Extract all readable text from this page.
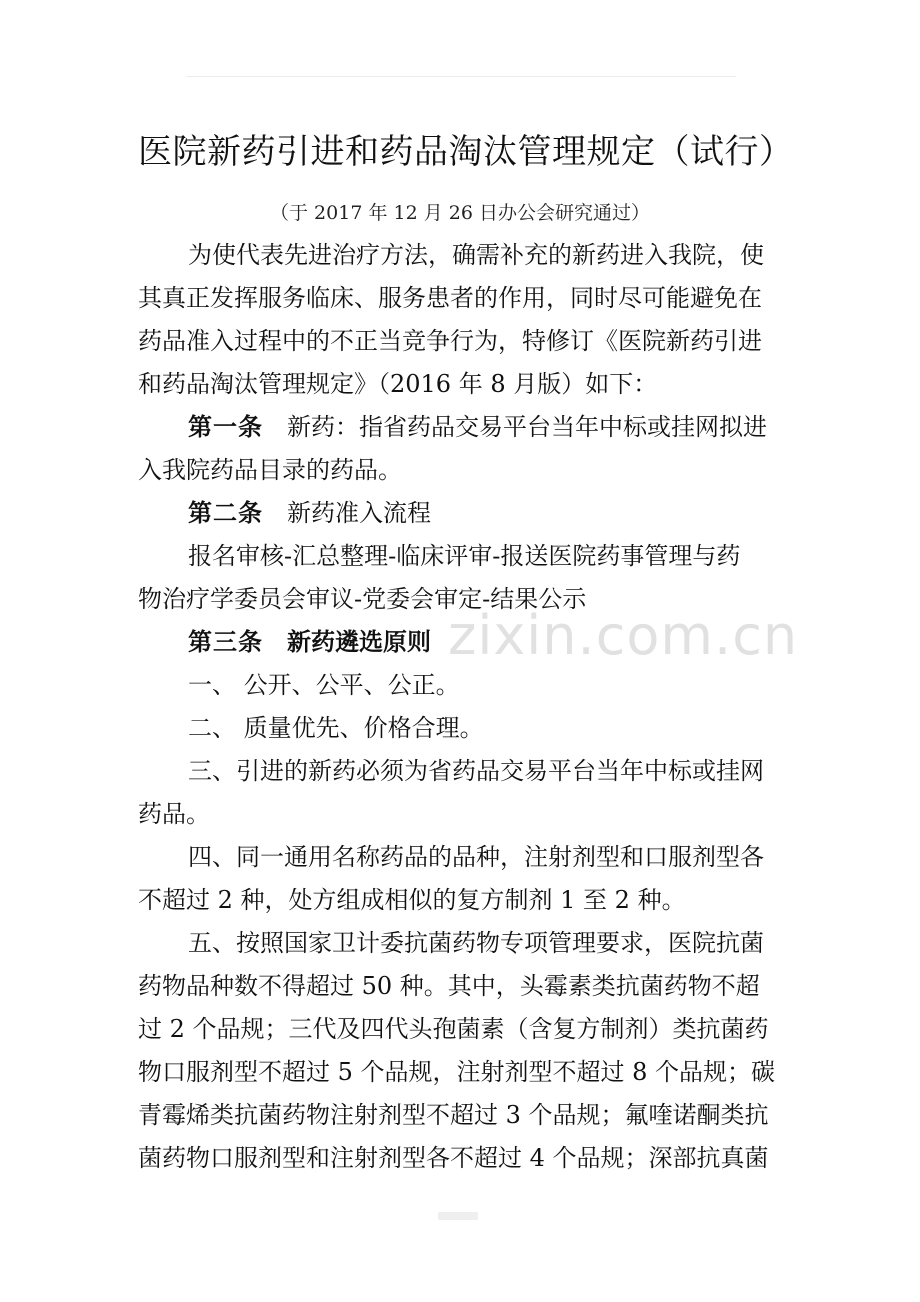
医院新药引进和药品淘汰管理规定（试行）
（于 2017 年 12 月 26 日办公会研究通过）

为使代表先进治疗方法，确需补充的新药进入我院，使

其真正发挥服务临床、服务患者的作用，同时尽可能避免在

药品准入过程中的不正当竞争行为，特修订《医院新药引进

和药品淘汰管理规定》（2016 年 8 月版）如下：

第一条 新药：指省药品交易平台当年中标或挂网拟进

入我院药品目录的药品。

第二条 新药准入流程

报名审核-汇总整理-临床评审-报送医院药事管理与药

物治疗学委员会审议-党委会审定-结果公示

第三条 新药遴选原则

一、 公开、公平、公正。

二、 质量优先、价格合理。

三、引进的新药必须为省药品交易平台当年中标或挂网

药品。

四、同一通用名称药品的品种，注射剂型和口服剂型各

不超过 2 种，处方组成相似的复方制剂 1 至 2 种。

五、按照国家卫计委抗菌药物专项管理要求，医院抗菌

药物品种数不得超过 50 种。其中，头霉素类抗菌药物不超

过 2 个品规；三代及四代头孢菌素（含复方制剂）类抗菌药

物口服剂型不超过 5 个品规，注射剂型不超过 8 个品规；碳

青霉烯类抗菌药物注射剂型不超过 3 个品规；氟喹诺酮类抗

菌药物口服剂型和注射剂型各不超过 4 个品规；深部抗真菌

zixin.com.cn
